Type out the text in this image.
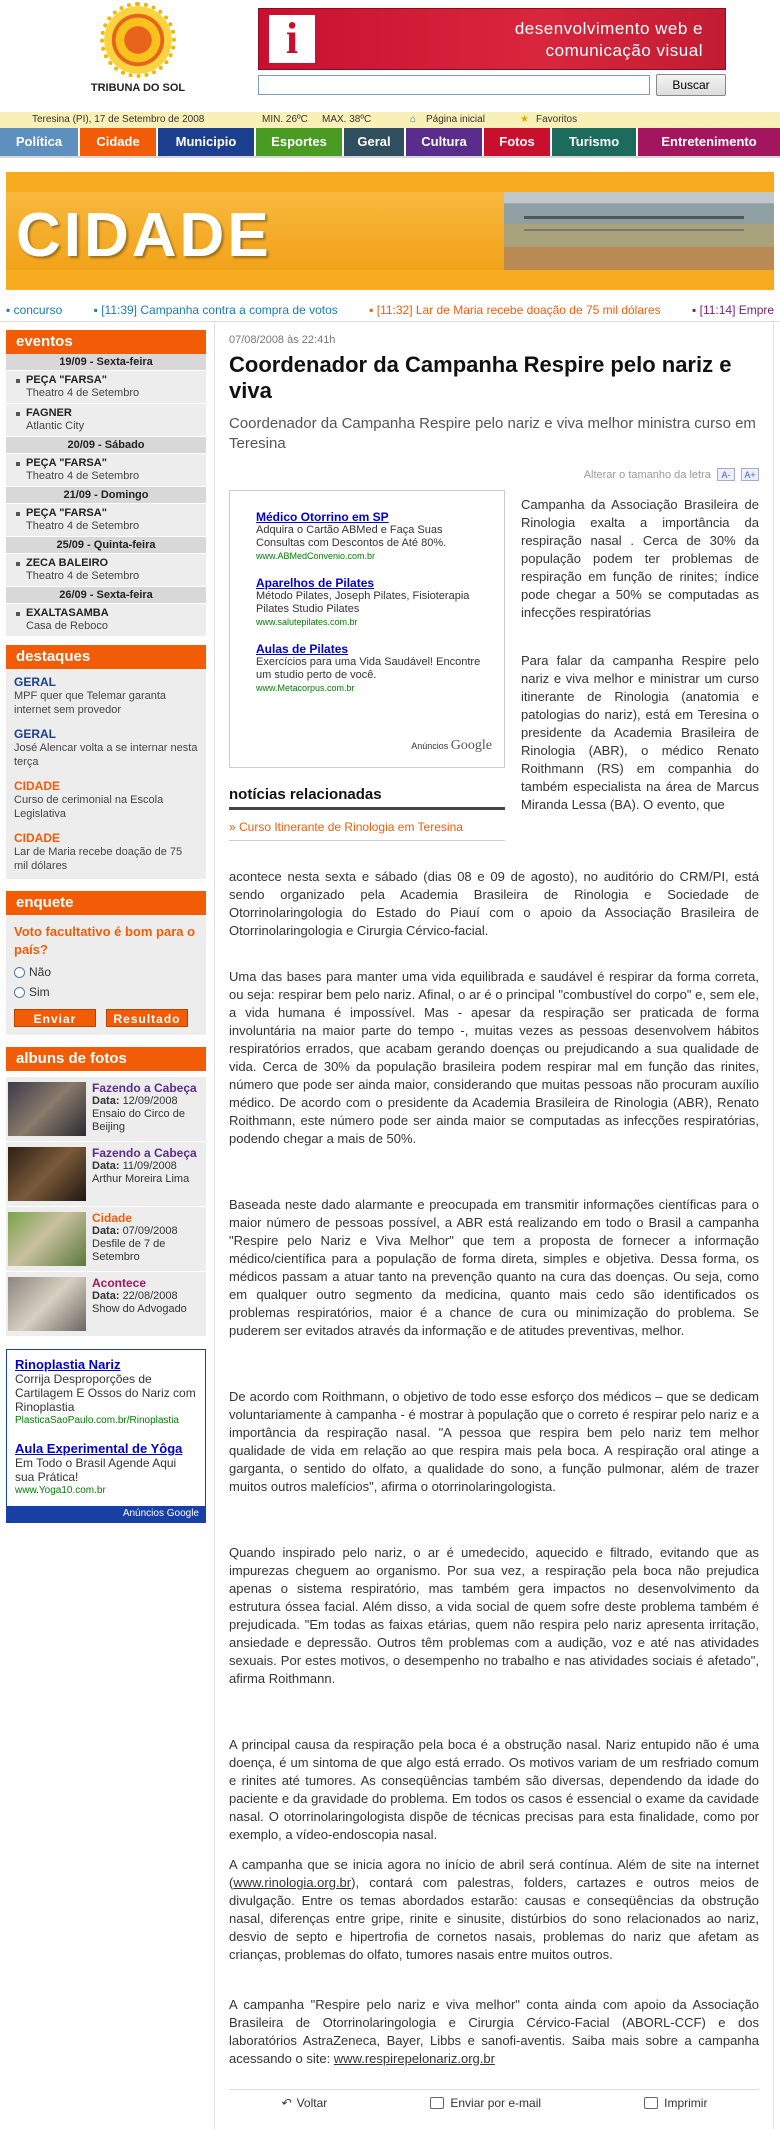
TRIBUNA DO SOL
i	desenvolvimento web e
comunicação visual
Buscar
Teresina (PI), 17 de Setembro de 2008	MIN. 26ºC MAX. 38ºC	⌂ Página inicial	★ Favoritos
Política	Cidade	Municipio	Esportes	Geral	Cultura	Fotos	Turismo	Entretenimento
CIDADE
▪ concurso	▪ [11:39] Campanha contra a compra de votos	▪ [11:32] Lar de Maria recebe doação de 75 mil dólares	▪ [11:14] Empre
eventos
19/09 - Sexta-feira
PEÇA "FARSA"
Theatro 4 de Setembro
FAGNER
Atlantic City
20/09 - Sábado
PEÇA "FARSA"
Theatro 4 de Setembro
21/09 - Domingo
PEÇA "FARSA"
Theatro 4 de Setembro
25/09 - Quinta-feira
ZECA BALEIRO
Theatro 4 de Setembro
26/09 - Sexta-feira
EXALTASAMBA
Casa de Reboco
destaques
GERAL
MPF quer que Telemar garanta internet sem provedor
GERAL
José Alencar volta a se internar nesta terça
CIDADE
Curso de cerimonial na Escola Legislativa
CIDADE
Lar de Maria recebe doação de 75 mil dólares
enquete
Voto facultativo é bom para o país?
Não
Sim
Enviar	Resultado
albuns de fotos
Fazendo a Cabeça
Data: 12/09/2008
Ensaio do Circo de Beijing
Fazendo a Cabeça
Data: 11/09/2008
Arthur Moreira Lima
Cidade
Data: 07/09/2008
Desfile de 7 de Setembro
Acontece
Data: 22/08/2008
Show do Advogado
Rinoplastia Nariz
Corrija Desproporções de Cartilagem E Ossos do Nariz com Rinoplastia
PlasticaSaoPaulo.com.br/Rinoplastia
Aula Experimental de Yôga
Em Todo o Brasil Agende Aqui sua Prática!
www.Yoga10.com.br
Anúncios Google
07/08/2008 às 22:41h
Coordenador da Campanha Respire pelo nariz e viva
Coordenador da Campanha Respire pelo nariz e viva melhor ministra curso em Teresina
Alterar o tamanho da letra A- A+
Médico Otorrino em SP
Adquira o Cartão ABMed e Faça Suas Consultas com Descontos de Até 80%.
www.ABMedConvenio.com.br
Aparelhos de Pilates
Método Pilates, Joseph Pilates, Fisioterapia Pilates Studio Pilates
www.salutepilates.com.br
Aulas de Pilates
Exercícios para uma Vida Saudável! Encontre um studio perto de você.
www.Metacorpus.com.br
Anúncios Google
notícias relacionadas
» Curso Itinerante de Rinologia em Teresina
Campanha da Associação Brasileira de Rinologia exalta a importância da respiração nasal . Cerca de 30% da população podem ter problemas de respiração em função de rinites; índice pode chegar a 50% se computadas as infecções respiratórias
Para falar da campanha Respire pelo nariz e viva melhor e ministrar um curso itinerante de Rinologia (anatomia e patologias do nariz), está em Teresina o presidente da Academia Brasileira de Rinologia (ABR), o médico Renato Roithmann (RS) em companhia do também especialista na área de Marcus Miranda Lessa (BA). O evento, que
acontece nesta sexta e sábado (dias 08 e 09 de agosto), no auditório do CRM/PI, está sendo organizado pela Academia Brasileira de Rinologia e Sociedade de Otorrinolaringologia do Estado do Piauí com o apoio da Associação Brasileira de Otorrinolaringologia e Cirurgia Cérvico-facial.
Uma das bases para manter uma vida equilibrada e saudável é respirar da forma correta, ou seja: respirar bem pelo nariz. Afinal, o ar é o principal "combustível do corpo" e, sem ele, a vida humana é impossível. Mas - apesar da respiração ser praticada de forma involuntária na maior parte do tempo -, muitas vezes as pessoas desenvolvem hábitos respiratórios errados, que acabam gerando doenças ou prejudicando a sua qualidade de vida. Cerca de 30% da população brasileira podem respirar mal em função das rinites, número que pode ser ainda maior, considerando que muitas pessoas não procuram auxílio médico. De acordo com o presidente da Academia Brasileira de Rinologia (ABR), Renato Roithmann, este número pode ser ainda maior se computadas as infecções respiratórias, podendo chegar a mais de 50%.
Baseada neste dado alarmante e preocupada em transmitir informações científicas para o maior número de pessoas possível, a ABR está realizando em todo o Brasil a campanha "Respire pelo Nariz e Viva Melhor" que tem a proposta de fornecer a informação médico/científica para a população de forma direta, simples e objetiva. Dessa forma, os médicos passam a atuar tanto na prevenção quanto na cura das doenças. Ou seja, como em qualquer outro segmento da medicina, quanto mais cedo são identificados os problemas respiratórios, maior é a chance de cura ou minimização do problema. Se puderem ser evitados através da informação e de atitudes preventivas, melhor.
De acordo com Roithmann, o objetivo de todo esse esforço dos médicos – que se dedicam voluntariamente à campanha - é mostrar à população que o correto é respirar pelo nariz e a importância da respiração nasal. "A pessoa que respira bem pelo nariz tem melhor qualidade de vida em relação ao que respira mais pela boca. A respiração oral atinge a garganta, o sentido do olfato, a qualidade do sono, a função pulmonar, além de trazer muitos outros malefícios", afirma o otorrinolaringologista.
Quando inspirado pelo nariz, o ar é umedecido, aquecido e filtrado, evitando que as impurezas cheguem ao organismo. Por sua vez, a respiração pela boca não prejudica apenas o sistema respiratório, mas também gera impactos no desenvolvimento da estrutura óssea facial. Além disso, a vida social de quem sofre deste problema também é prejudicada. "Em todas as faixas etárias, quem não respira pelo nariz apresenta irritação, ansiedade e depressão. Outros têm problemas com a audição, voz e até nas atividades sexuais. Por estes motivos, o desempenho no trabalho e nas atividades sociais é afetado", afirma Roithmann.
A principal causa da respiração pela boca é a obstrução nasal. Nariz entupido não é uma doença, é um sintoma de que algo está errado. Os motivos variam de um resfriado comum e rinites até tumores. As conseqüências também são diversas, dependendo da idade do paciente e da gravidade do problema. Em todos os casos é essencial o exame da cavidade nasal. O otorrinolaringologista dispõe de técnicas precisas para esta finalidade, como por exemplo, a vídeo-endoscopia nasal.
A campanha que se inicia agora no início de abril será contínua. Além de site na internet (www.rinologia.org.br), contará com palestras, folders, cartazes e outros meios de divulgação. Entre os temas abordados estarão: causas e conseqüências da obstrução nasal, diferenças entre gripe, rinite e sinusite, distúrbios do sono relacionados ao nariz, desvio de septo e hipertrofia de cornetos nasais, problemas do nariz que afetam as crianças, problemas do olfato, tumores nasais entre muitos outros.
A campanha "Respire pelo nariz e viva melhor" conta ainda com apoio da Associação Brasileira de Otorrinolaringologia e Cirurgia Cérvico-Facial (ABORL-CCF) e dos laboratórios AstraZeneca, Bayer, Libbs e sanofi-aventis. Saiba mais sobre a campanha acessando o site: www.respirepelonariz.org.br
↶ Voltar	Enviar por e-mail	Imprimir
